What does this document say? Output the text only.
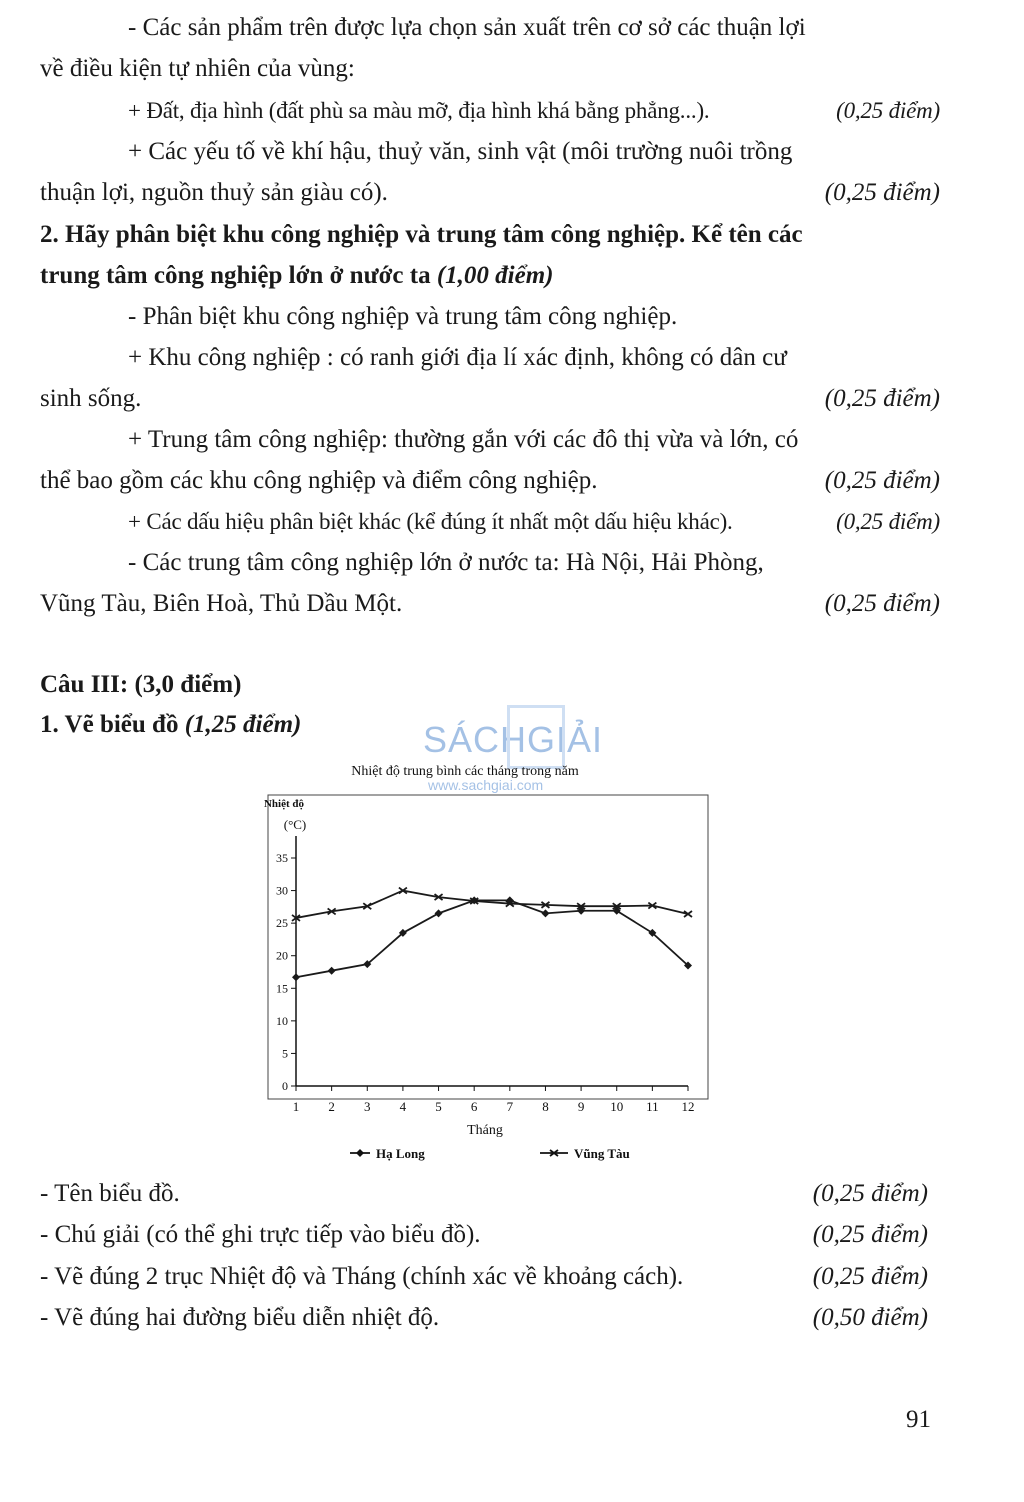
- Các sản phẩm trên được lựa chọn sản xuất trên cơ sở các thuận lợi
về điều kiện tự nhiên của vùng:
+ Đất, địa hình (đất phù sa màu mỡ, địa hình khá bằng phẳng...).	(0,25 điểm)
+ Các yếu tố về khí hậu, thuỷ văn, sinh vật (môi trường nuôi trồng
thuận lợi, nguồn thuỷ sản giàu có).	(0,25 điểm)
2. Hãy phân biệt khu công nghiệp và trung tâm công nghiệp. Kể tên các
trung tâm công nghiệp lớn ở nước ta (1,00 điểm)
- Phân biệt khu công nghiệp và trung tâm công nghiệp.
+ Khu công nghiệp : có ranh giới địa lí xác định, không có dân cư
sinh sống.	(0,25 điểm)
+ Trung tâm công nghiệp: thường gắn với các đô thị vừa và lớn, có
thể bao gồm các khu công nghiệp và điểm công nghiệp.	(0,25 điểm)
+ Các dấu hiệu phân biệt khác (kể đúng ít nhất một dấu hiệu khác).	(0,25 điểm)
- Các trung tâm công nghiệp lớn ở nước ta: Hà Nội, Hải Phòng,
Vũng Tàu, Biên Hoà, Thủ Dầu Một.	(0,25 điểm)
Câu III: (3,0 điểm)
1. Vẽ biểu đồ (1,25 điểm)	SÁCHGIẢI
www.sachgiai.com
Nhiệt độ trung bình các tháng trong năm
Nhiệt độ
(°C)
0
5
10
15
20
25
30
35
1 2 3 4 5 6 7 8 9 10 11 12
Tháng
Hạ Long	Vũng Tàu
- Tên biểu đồ.	(0,25 điểm)
- Chú giải (có thể ghi trực tiếp vào biểu đồ).	(0,25 điểm)
- Vẽ đúng 2 trục Nhiệt độ và Tháng (chính xác về khoảng cách).	(0,25 điểm)
- Vẽ đúng hai đường biểu diễn nhiệt độ.	(0,50 điểm)
91
